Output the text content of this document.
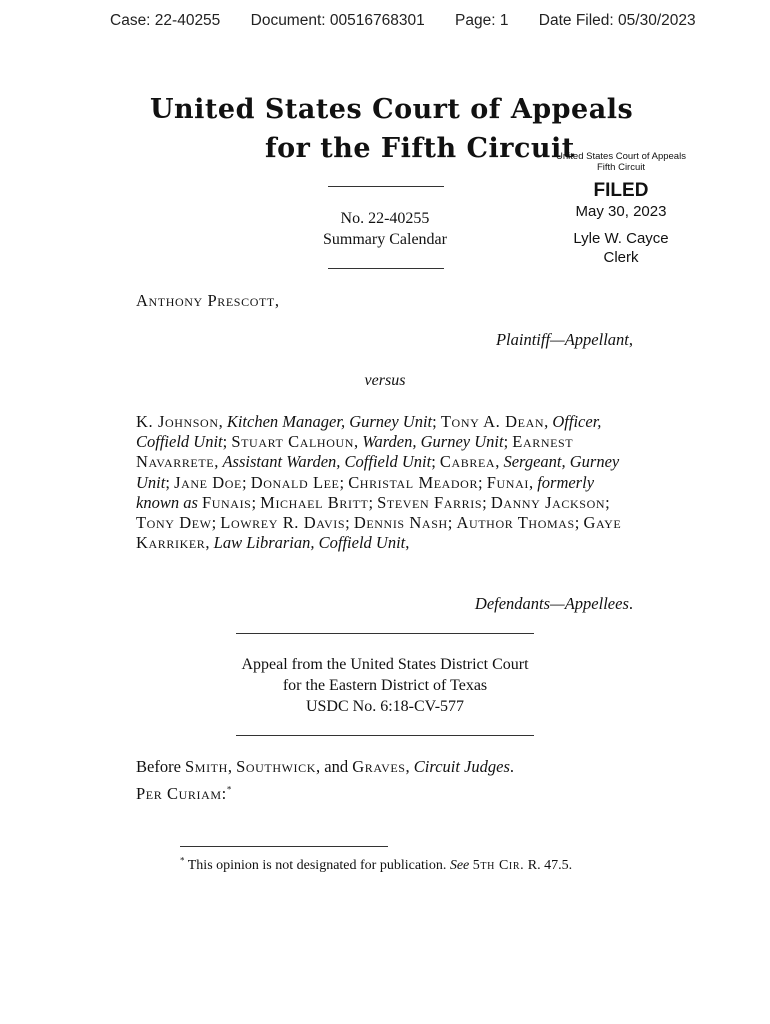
Case: 22-40255 Document: 00516768301 Page: 1 Date Filed: 05/30/2023
United States Court of Appeals
for the Fifth Circuit
United States Court of Appeals
Fifth Circuit
FILED
May 30, 2023
Lyle W. Cayce
Clerk
No. 22-40255
Summary Calendar
Anthony Prescott,
Plaintiff—Appellant,
versus
K. Johnson, Kitchen Manager, Gurney Unit; Tony A. Dean, Officer, Coffield Unit; Stuart Calhoun, Warden, Gurney Unit; Earnest Navarrete, Assistant Warden, Coffield Unit; Cabrea, Sergeant, Gurney Unit; Jane Doe; Donald Lee; Christal Meador; Funai, formerly known as Funais; Michael Britt; Steven Farris; Danny Jackson; Tony Dew; Lowrey R. Davis; Dennis Nash; Author Thomas; Gaye Karriker, Law Librarian, Coffield Unit,
Defendants—Appellees.
Appeal from the United States District Court
for the Eastern District of Texas
USDC No. 6:18-CV-577
Before Smith, Southwick, and Graves, Circuit Judges.
Per Curiam:*
* This opinion is not designated for publication. See 5th Cir. R. 47.5.
